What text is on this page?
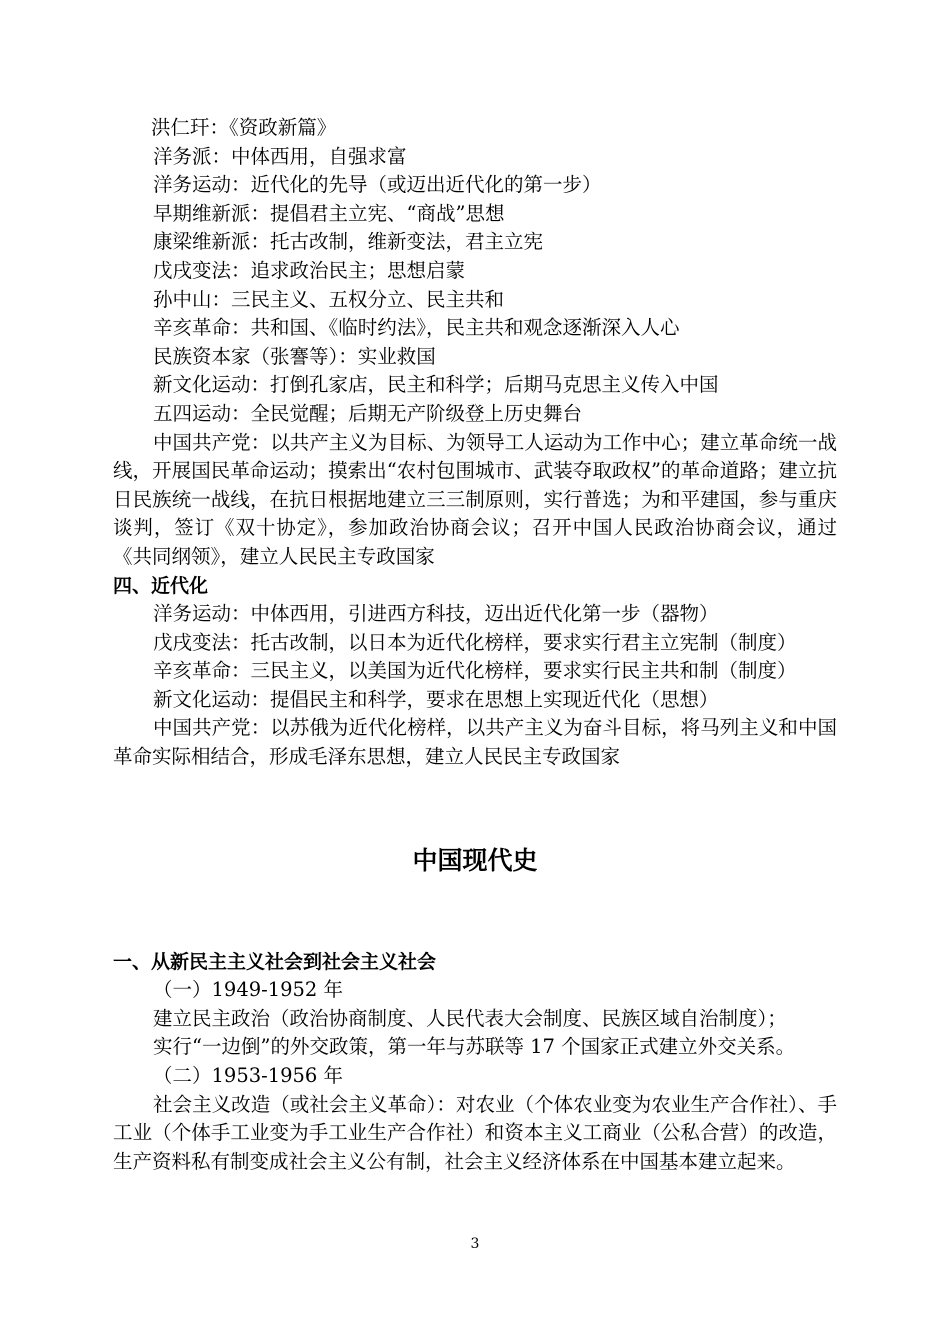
洪仁玕：《资政新篇》
洋务派：中体西用，自强求富
洋务运动：近代化的先导（或迈出近代化的第一步）
早期维新派：提倡君主立宪、“商战”思想
康梁维新派：托古改制，维新变法，君主立宪
戊戌变法：追求政治民主；思想启蒙
孙中山：三民主义、五权分立、民主共和
辛亥革命：共和国、《临时约法》，民主共和观念逐渐深入人心
民族资本家（张謇等）：实业救国
新文化运动：打倒孔家店，民主和科学；后期马克思主义传入中国
五四运动：全民觉醒；后期无产阶级登上历史舞台
中国共产党：以共产主义为目标、为领导工人运动为工作中心；建立革命统一战线，开展国民革命运动；摸索出“农村包围城市、武装夺取政权”的革命道路；建立抗日民族统一战线，在抗日根据地建立三三制原则，实行普选；为和平建国，参与重庆谈判，签订《双十协定》，参加政治协商会议；召开中国人民政治协商会议，通过《共同纲领》，建立人民民主专政国家
四、近代化
洋务运动：中体西用，引进西方科技，迈出近代化第一步（器物）
戊戌变法：托古改制，以日本为近代化榜样，要求实行君主立宪制（制度）
辛亥革命：三民主义，以美国为近代化榜样，要求实行民主共和制（制度）
新文化运动：提倡民主和科学，要求在思想上实现近代化（思想）
中国共产党：以苏俄为近代化榜样，以共产主义为奋斗目标，将马列主义和中国革命实际相结合，形成毛泽东思想，建立人民民主专政国家
中国现代史
一、从新民主主义社会到社会主义社会
（一）1949-1952 年
建立民主政治（政治协商制度、人民代表大会制度、民族区域自治制度）；
实行“一边倒”的外交政策，第一年与苏联等 17 个国家正式建立外交关系。
（二）1953-1956 年
社会主义改造（或社会主义革命）：对农业（个体农业变为农业生产合作社）、手工业（个体手工业变为手工业生产合作社）和资本主义工商业（公私合营）的改造，生产资料私有制变成社会主义公有制，社会主义经济体系在中国基本建立起来。
3
